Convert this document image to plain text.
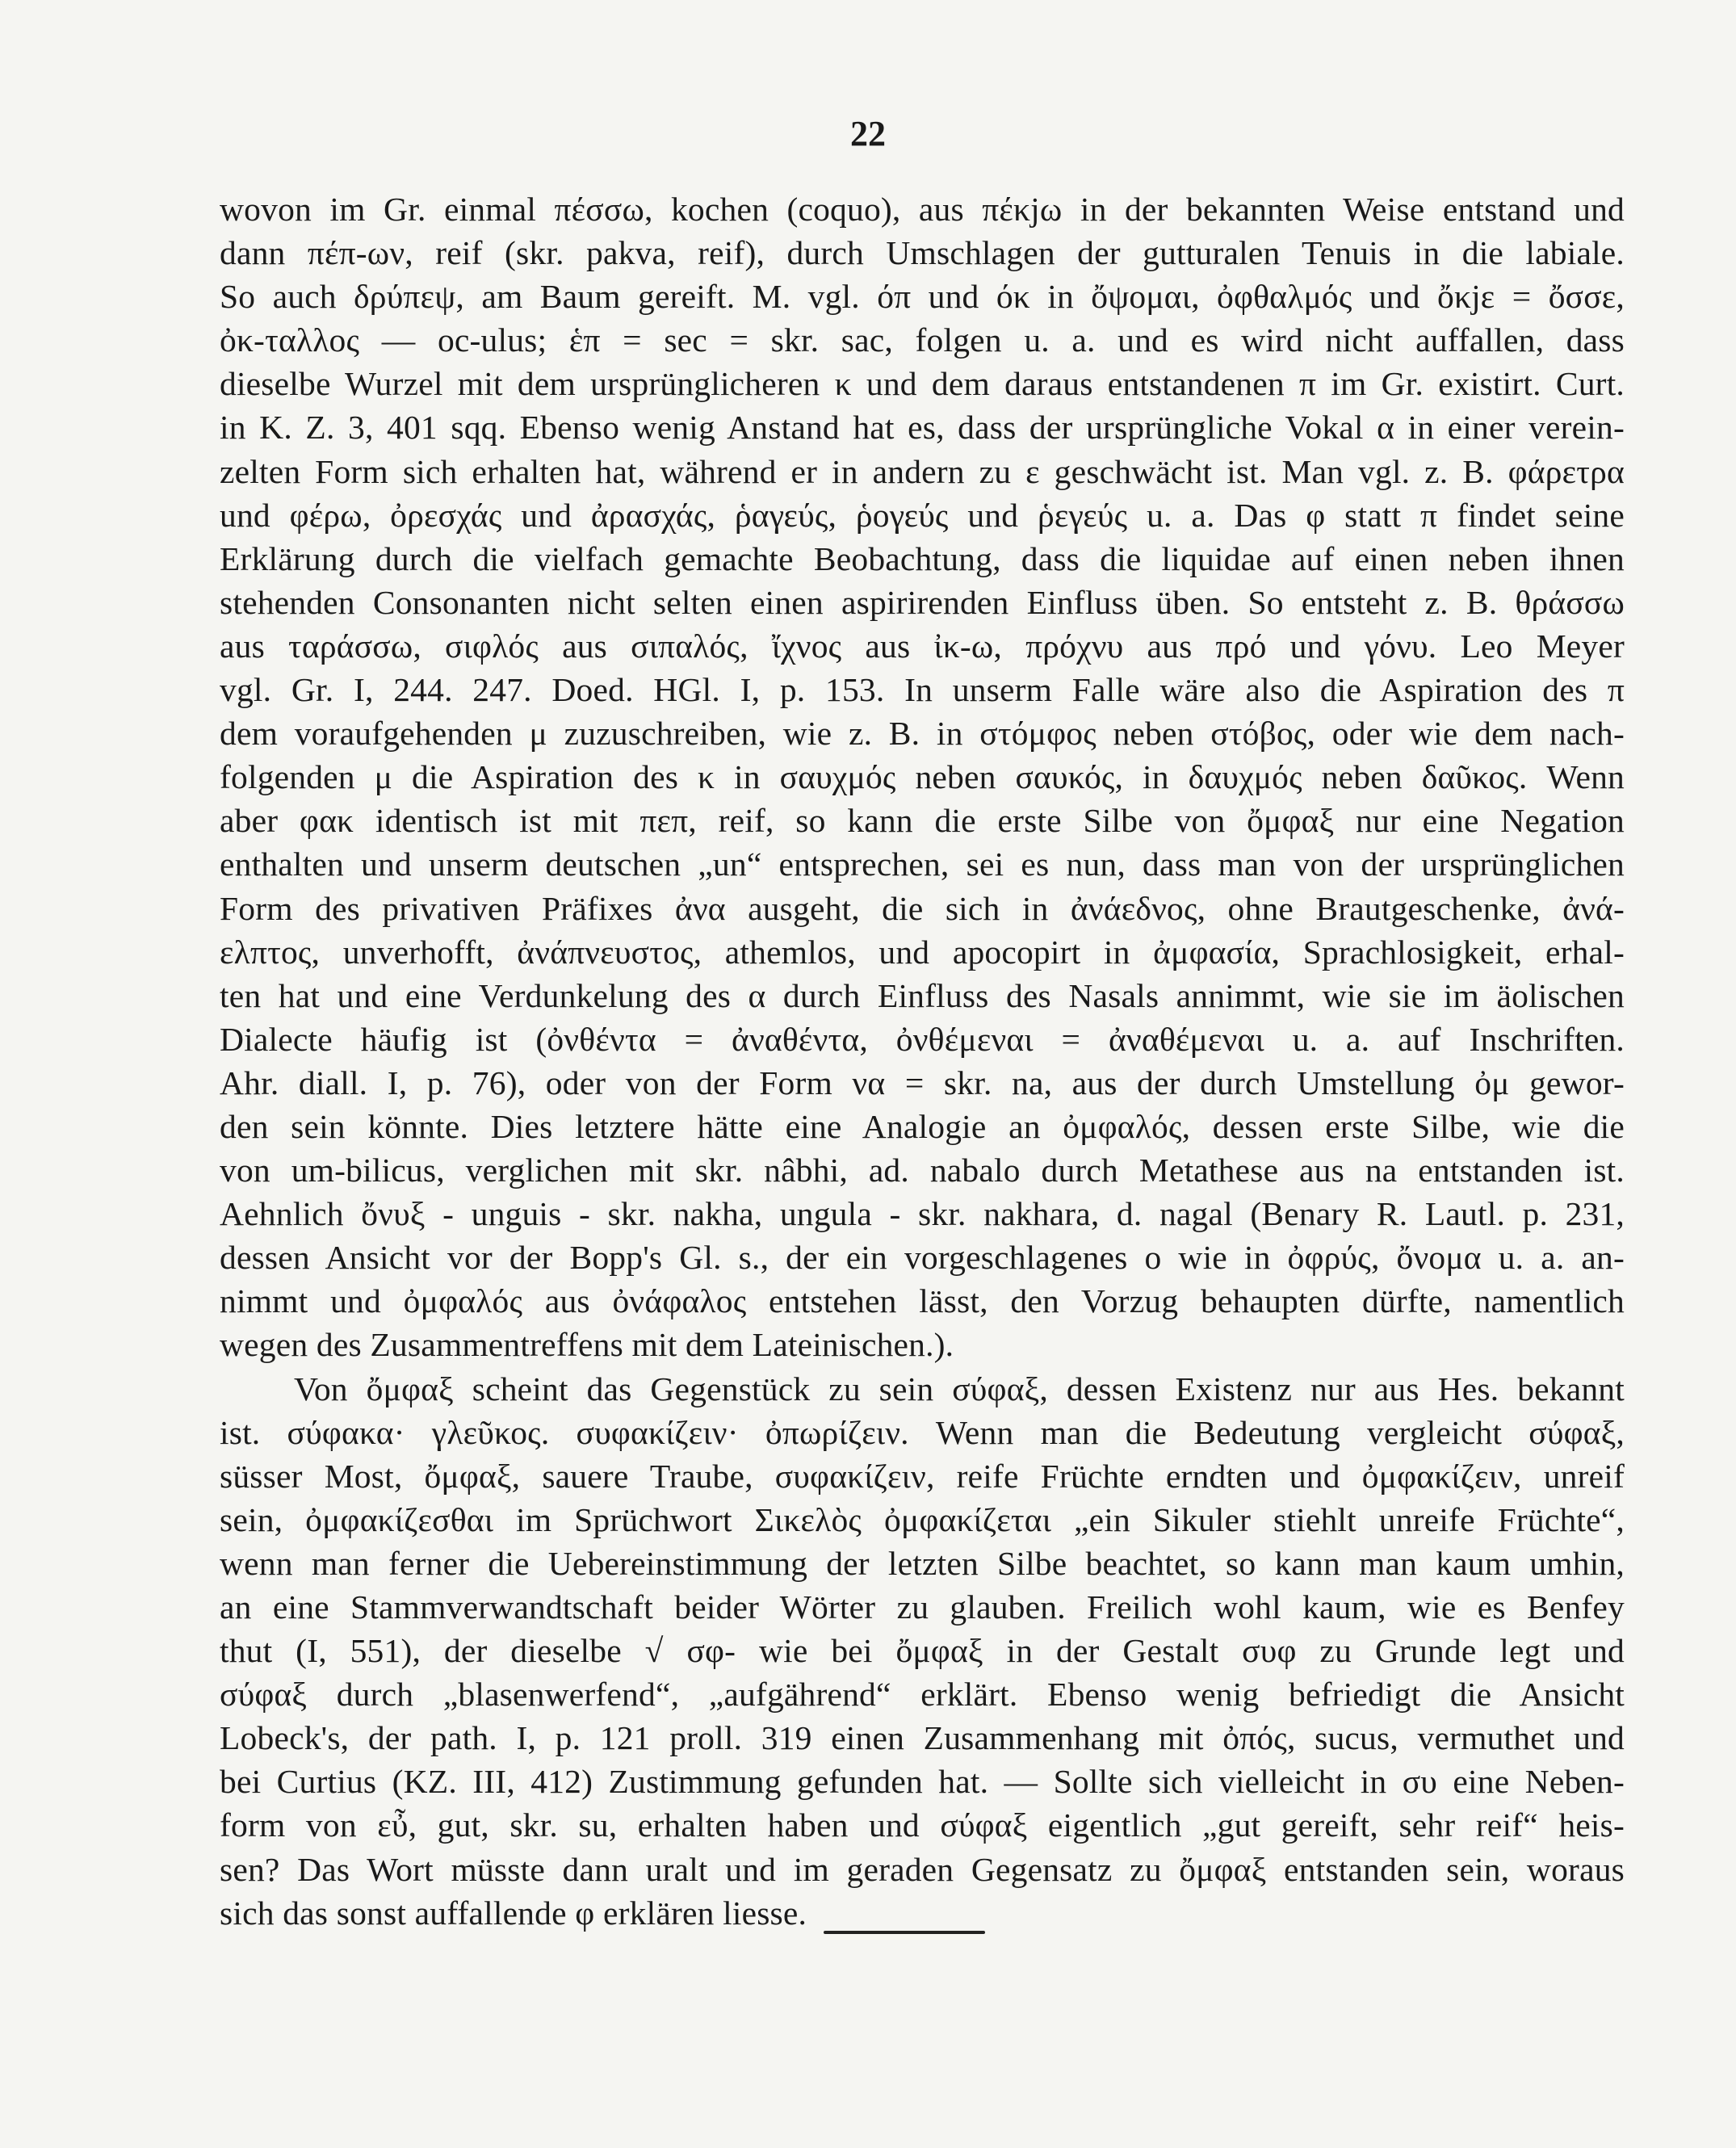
22
wovon im Gr. einmal πέσσω, kochen (coquo), aus πέκjω in der bekannten Weise entstand und
dann πέπ-ων, reif (skr. pakva, reif), durch Umschlagen der gutturalen Tenuis in die labiale.
So auch δρύπεψ, am Baum gereift. M. vgl. όπ und όκ in ὄψομαι, ὀφθαλμός und ὄκjε = ὄσσε,
ὀκ-ταλλος — oc-ulus; ἑπ = sec = skr. sac, folgen u. a. und es wird nicht auffallen, dass
dieselbe Wurzel mit dem ursprünglicheren κ und dem daraus entstandenen π im Gr. existirt. Curt.
in K. Z. 3, 401 sqq. Ebenso wenig Anstand hat es, dass der ursprüngliche Vokal α in einer verein-
zelten Form sich erhalten hat, während er in andern zu ε geschwächt ist. Man vgl. z. B. φάρετρα
und φέρω, ὀρεσχάς und ἀρασχάς, ῥαγεύς, ῥογεύς und ῥεγεύς u. a. Das φ statt π findet seine
Erklärung durch die vielfach gemachte Beobachtung, dass die liquidae auf einen neben ihnen
stehenden Consonanten nicht selten einen aspirirenden Einfluss üben. So entsteht z. B. θράσσω
aus ταράσσω, σιφλός aus σιπαλός, ἴχνος aus ἰκ-ω, πρόχνυ aus πρό und γόνυ. Leo Meyer
vgl. Gr. I, 244. 247. Doed. HGl. I, p. 153. In unserm Falle wäre also die Aspiration des π
dem voraufgehenden μ zuzuschreiben, wie z. B. in στόμφος neben στόβος, oder wie dem nach-
folgenden μ die Aspiration des κ in σαυχμός neben σαυκός, in δαυχμός neben δαῦκος. Wenn
aber φακ identisch ist mit πεπ, reif, so kann die erste Silbe von ὄμφαξ nur eine Negation
enthalten und unserm deutschen „un“ entsprechen, sei es nun, dass man von der ursprünglichen
Form des privativen Präfixes ἀνα ausgeht, die sich in ἀνάεδνος, ohne Brautgeschenke, ἀνά-
ελπτος, unverhofft, ἀνάπνευστος, athemlos, und apocopirt in ἀμφασία, Sprachlosigkeit, erhal-
ten hat und eine Verdunkelung des α durch Einfluss des Nasals annimmt, wie sie im äolischen
Dialecte häufig ist (ὀνθέντα = ἀναθέντα, ὀνθέμεναι = ἀναθέμεναι u. a. auf Inschriften.
Ahr. diall. I, p. 76), oder von der Form να = skr. na, aus der durch Umstellung ὀμ gewor-
den sein könnte. Dies letztere hätte eine Analogie an ὀμφαλός, dessen erste Silbe, wie die
von um-bilicus, verglichen mit skr. nâbhi, ad. nabalo durch Metathese aus na entstanden ist.
Aehnlich ὄνυξ - unguis - skr. nakha, ungula - skr. nakhara, d. nagal (Benary R. Lautl. p. 231,
dessen Ansicht vor der Bopp's Gl. s., der ein vorgeschlagenes ο wie in ὀφρύς, ὄνομα u. a. an-
nimmt und ὀμφαλός aus ὀνάφαλος entstehen lässt, den Vorzug behaupten dürfte, namentlich
wegen des Zusammentreffens mit dem Lateinischen.).
Von ὄμφαξ scheint das Gegenstück zu sein σύφαξ, dessen Existenz nur aus Hes. bekannt
ist. σύφακα· γλεῦκος. συφακίζειν· ὀπωρίζειν. Wenn man die Bedeutung vergleicht σύφαξ,
süsser Most, ὄμφαξ, sauere Traube, συφακίζειν, reife Früchte erndten und ὀμφακίζειν, unreif
sein, ὀμφακίζεσθαι im Sprüchwort Σικελὸς ὀμφακίζεται „ein Sikuler stiehlt unreife Früchte“,
wenn man ferner die Uebereinstimmung der letzten Silbe beachtet, so kann man kaum umhin,
an eine Stammverwandtschaft beider Wörter zu glauben. Freilich wohl kaum, wie es Benfey
thut (I, 551), der dieselbe √ σφ- wie bei ὄμφαξ in der Gestalt συφ zu Grunde legt und
σύφαξ durch „blasenwerfend“, „aufgährend“ erklärt. Ebenso wenig befriedigt die Ansicht
Lobeck's, der path. I, p. 121 proll. 319 einen Zusammenhang mit ὀπός, sucus, vermuthet und
bei Curtius (KZ. III, 412) Zustimmung gefunden hat. — Sollte sich vielleicht in συ eine Neben-
form von εὖ, gut, skr. su, erhalten haben und σύφαξ eigentlich „gut gereift, sehr reif“ heis-
sen? Das Wort müsste dann uralt und im geraden Gegensatz zu ὄμφαξ entstanden sein, woraus
sich das sonst auffallende φ erklären liesse.
